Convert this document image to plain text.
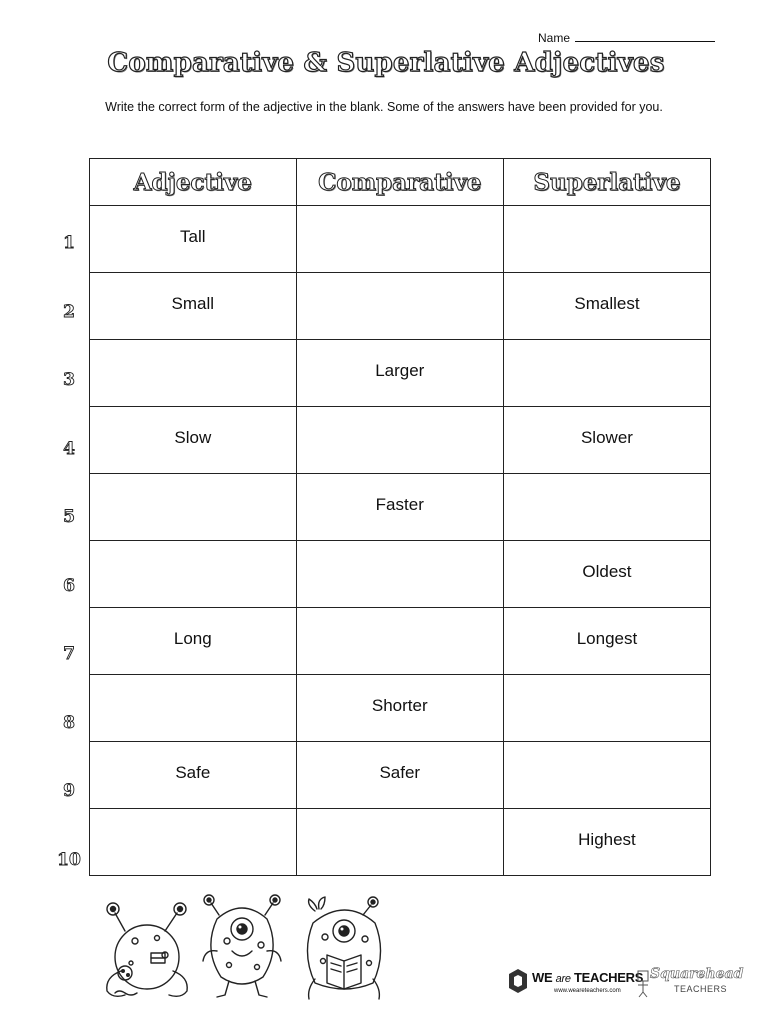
Name
Comparative & Superlative Adjectives
Write the correct form of the adjective in the blank. Some of the answers have been provided for you.
1
2
3
4
5
6
7
8
9
10
Adjective	Comparative	Superlative
Tall		
Small		Smallest
	Larger	
Slow		Slower
	Faster	
		Oldest
Long		Longest
	Shorter	
Safe	Safer	
		Highest
WE are TEACHERS
www.weareteachers.com
Squarehead
TEACHERS
